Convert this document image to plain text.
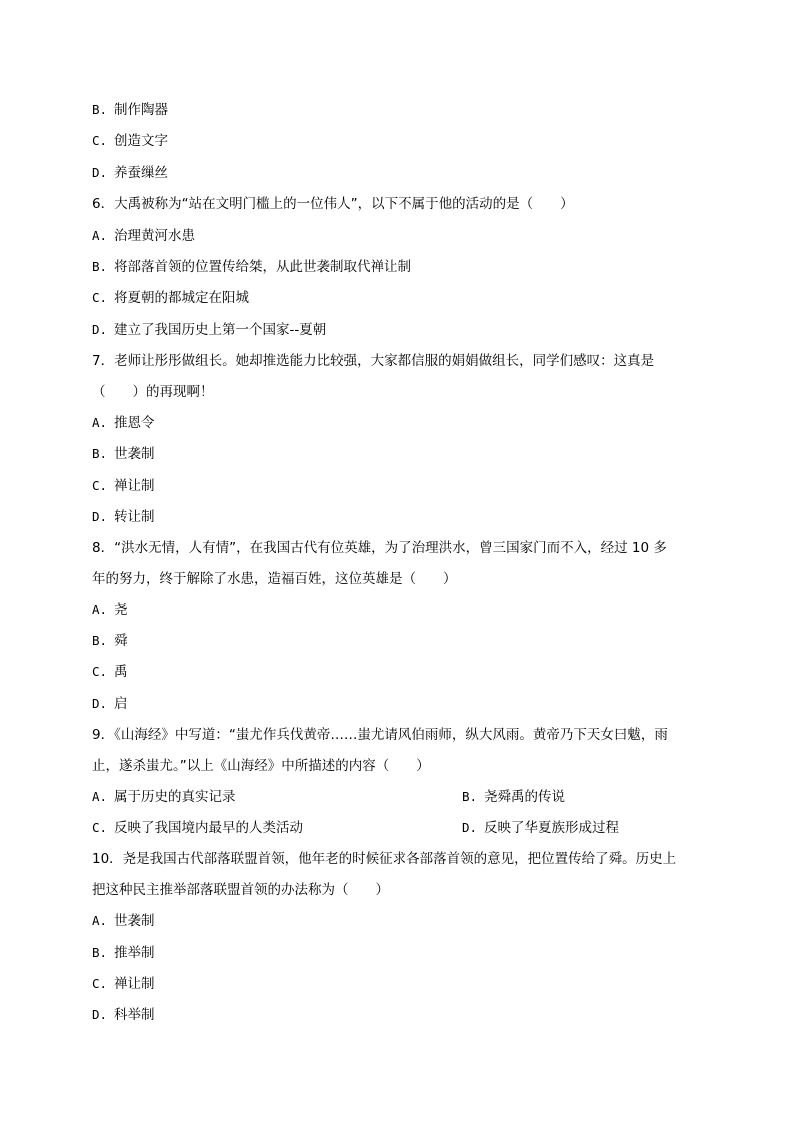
B. 制作陶器
C. 创造文字
D. 养蚕缫丝
6．大禹被称为“站在文明门槛上的一位伟人”，以下不属于他的活动的是（　　）
A. 治理黄河水患
B. 将部落首领的位置传给桀，从此世袭制取代禅让制
C. 将夏朝的都城定在阳城
D. 建立了我国历史上第一个国家--夏朝
7．老师让彤彤做组长。她却推选能力比较强，大家都信服的娟娟做组长，同学们感叹：这真是
（　　）的再现啊！
A. 推恩令
B. 世袭制
C. 禅让制
D. 转让制
8．“洪水无情，人有情”，在我国古代有位英雄，为了治理洪水，曾三国家门而不入，经过 10 多
年的努力，终于解除了水患，造福百姓，这位英雄是（　　）
A. 尧
B. 舜
C. 禹
D. 启
9．《山海经》中写道：“蚩尤作兵伐黄帝……蚩尤请风伯雨师，纵大风雨。黄帝乃下天女曰魃，雨
止，遂杀蚩尤。”以上《山海经》中所描述的内容（　　）
A. 属于历史的真实记录	B. 尧舜禹的传说
C. 反映了我国境内最早的人类活动	D. 反映了华夏族形成过程
10．尧是我国古代部落联盟首领，他年老的时候征求各部落首领的意见，把位置传给了舜。历史上
把这种民主推举部落联盟首领的办法称为（　　）
A. 世袭制
B. 推举制
C. 禅让制
D. 科举制
